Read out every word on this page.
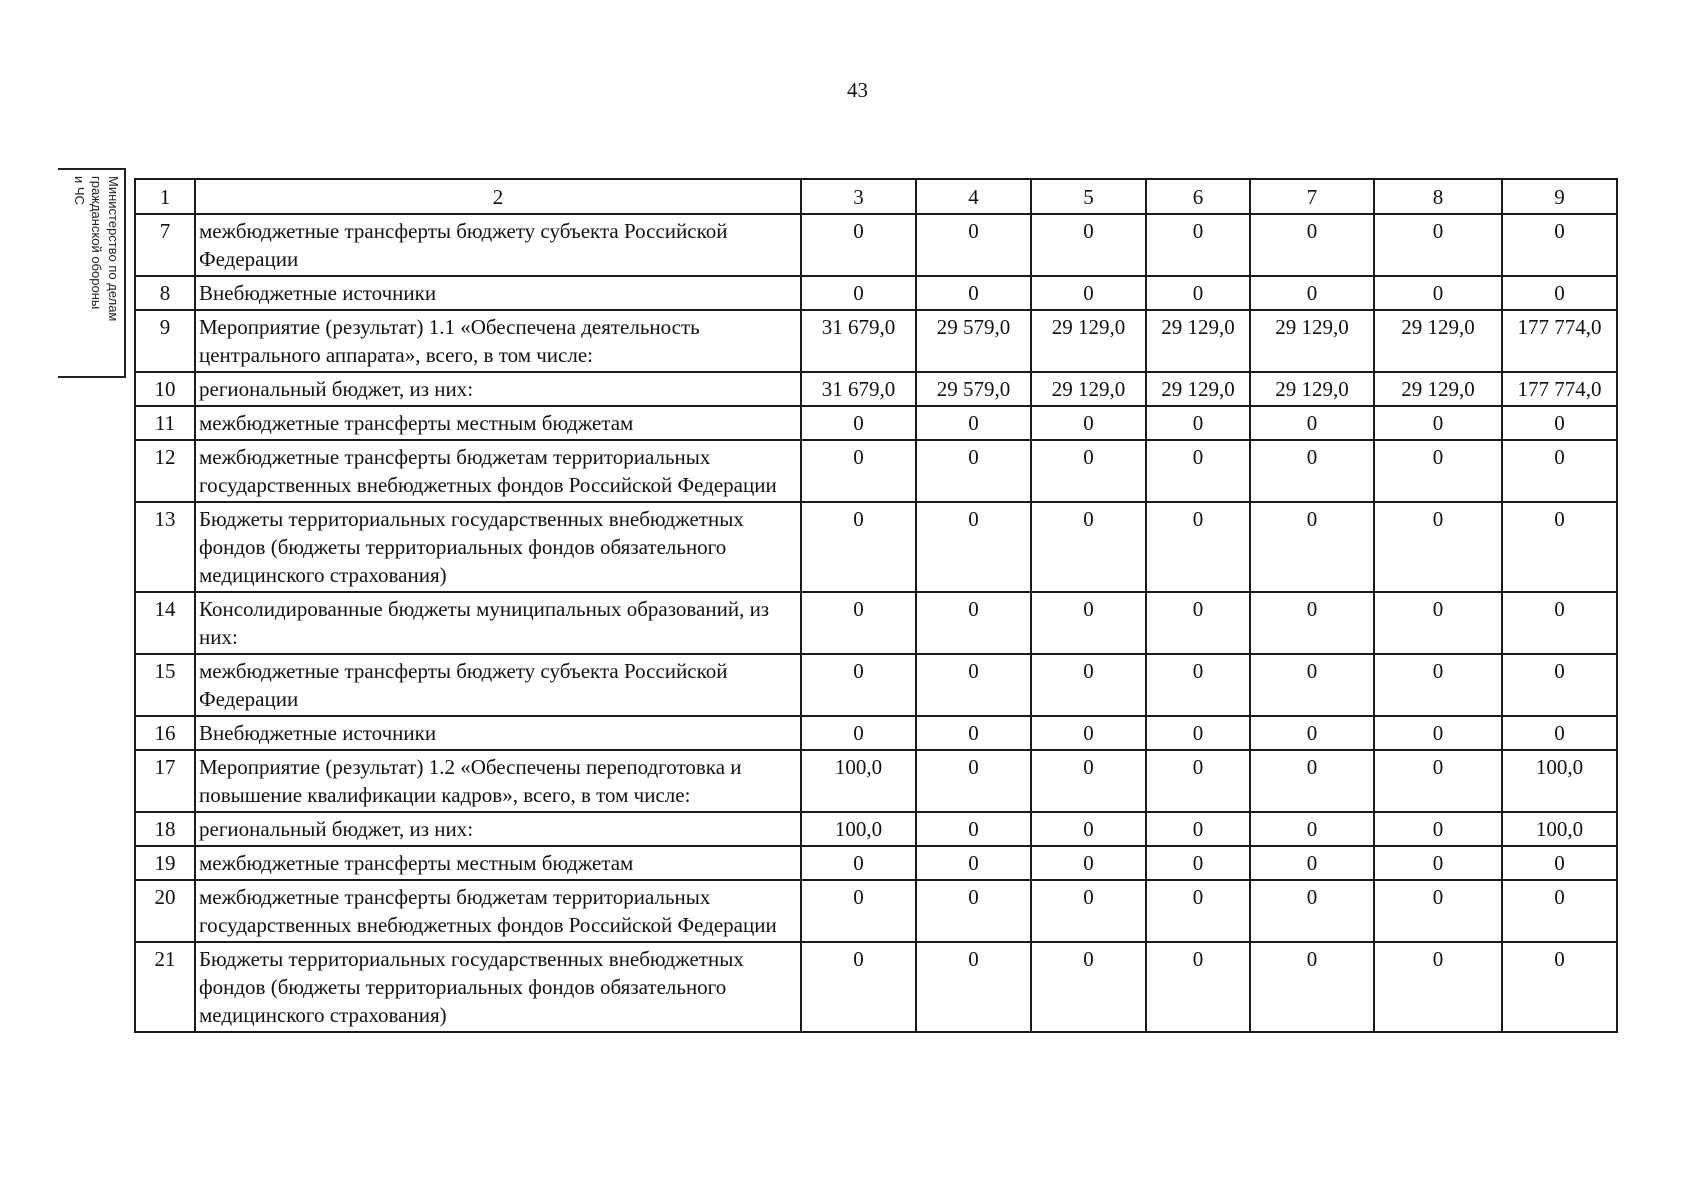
43
Министерство по делам
гражданской обороны
и ЧС	1	2	3	4	5	6	7	8	9
7	межбюджетные трансферты бюджету субъекта Российской Федерации	0	0	0	0	0	0	0
8	Внебюджетные источники	0	0	0	0	0	0	0
9	Мероприятие (результат) 1.1 «Обеспечена деятельность центрального аппарата», всего, в том числе:	31 679,0	29 579,0	29 129,0	29 129,0	29 129,0	29 129,0	177 774,0
10	региональный бюджет, из них:	31 679,0	29 579,0	29 129,0	29 129,0	29 129,0	29 129,0	177 774,0
11	межбюджетные трансферты местным бюджетам	0	0	0	0	0	0	0
12	межбюджетные трансферты бюджетам территориальных государственных внебюджетных фондов Российской Федерации	0	0	0	0	0	0	0
13	Бюджеты территориальных государственных внебюджетных фондов (бюджеты территориальных фондов обязательного медицинского страхования)	0	0	0	0	0	0	0
14	Консолидированные бюджеты муниципальных образований, из них:	0	0	0	0	0	0	0
15	межбюджетные трансферты бюджету субъекта Российской Федерации	0	0	0	0	0	0	0
16	Внебюджетные источники	0	0	0	0	0	0	0
17	Мероприятие (результат) 1.2 «Обеспечены переподготовка и повышение квалификации кадров», всего, в том числе:	100,0	0	0	0	0	0	100,0
18	региональный бюджет, из них:	100,0	0	0	0	0	0	100,0
19	межбюджетные трансферты местным бюджетам	0	0	0	0	0	0	0
20	межбюджетные трансферты бюджетам территориальных государственных внебюджетных фондов Российской Федерации	0	0	0	0	0	0	0
21	Бюджеты территориальных государственных внебюджетных фондов (бюджеты территориальных фондов обязательного медицинского страхования)	0	0	0	0	0	0	0
